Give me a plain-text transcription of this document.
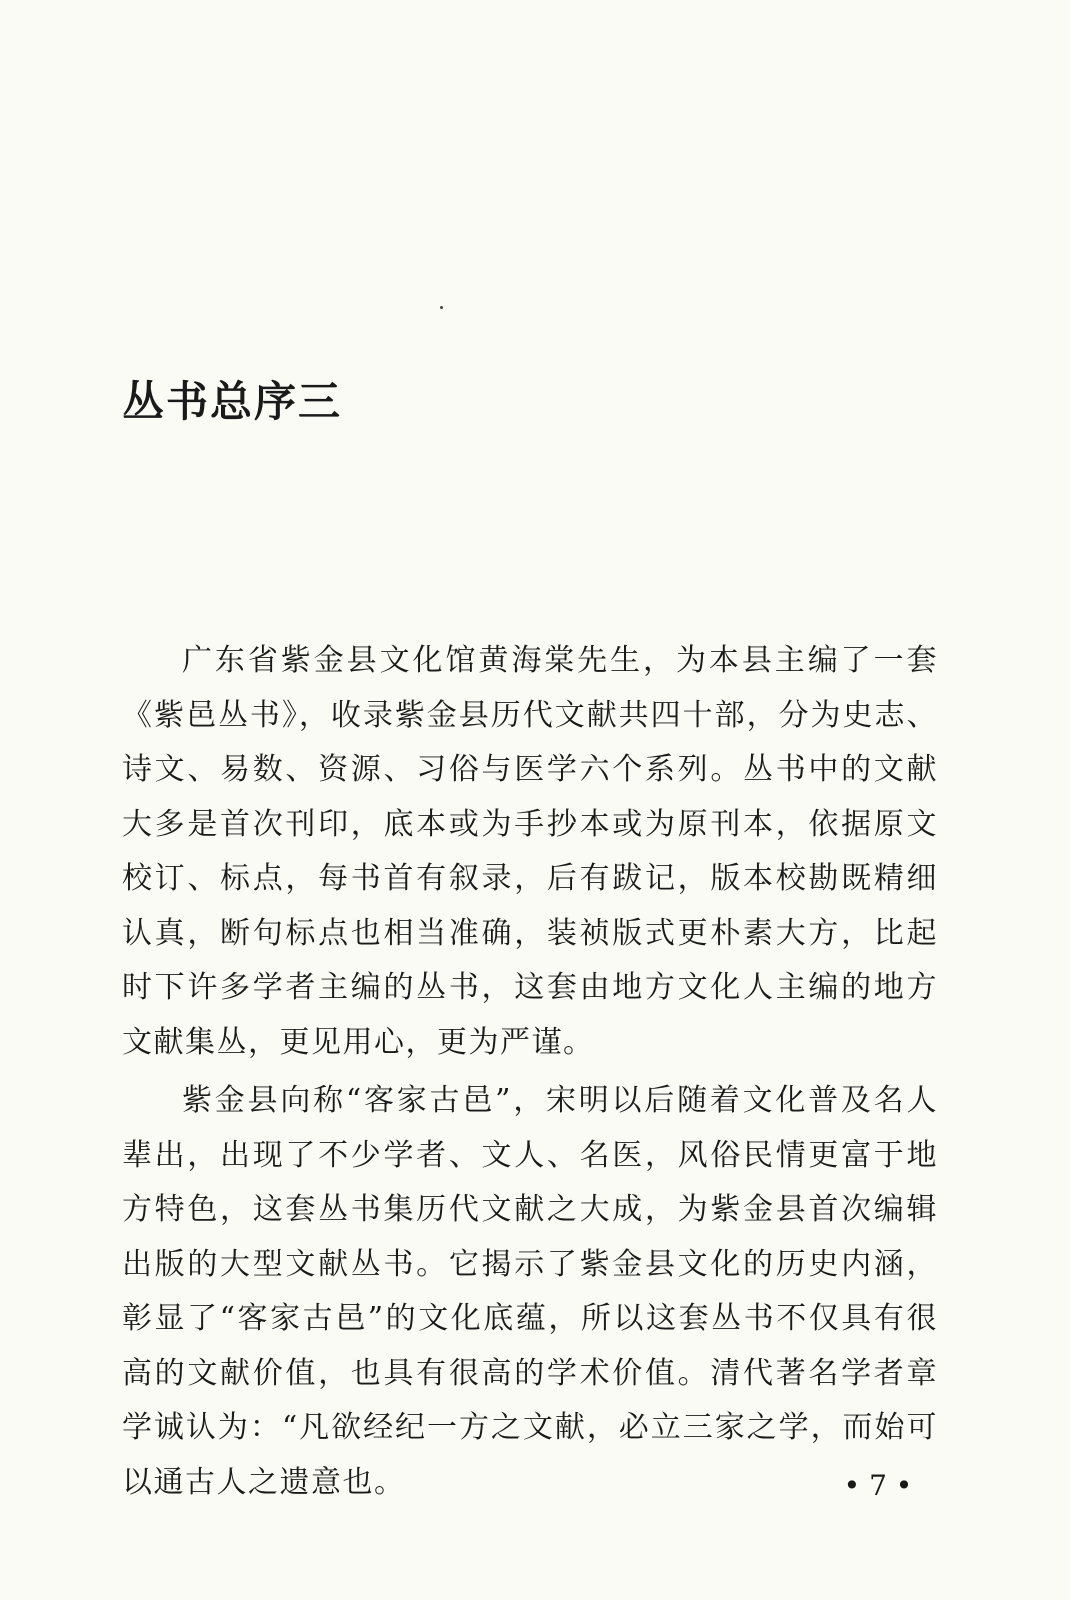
丛书总序三

广东省紫金县文化馆黄海棠先生，为本县主编了一套《紫邑丛书》，收录紫金县历代文献共四十部，分为史志、诗文、易数、资源、习俗与医学六个系列。丛书中的文献大多是首次刊印，底本或为手抄本或为原刊本，依据原文校订、标点，每书首有叙录，后有跋记，版本校勘既精细认真，断句标点也相当准确，装祯版式更朴素大方，比起时下许多学者主编的丛书，这套由地方文化人主编的地方文献集丛，更见用心，更为严谨。

紫金县向称“客家古邑”，宋明以后随着文化普及名人辈出，出现了不少学者、文人、名医，风俗民情更富于地方特色，这套丛书集历代文献之大成，为紫金县首次编辑出版的大型文献丛书。它揭示了紫金县文化的历史内涵，彰显了“客家古邑”的文化底蕴，所以这套丛书不仅具有很高的文献价值，也具有很高的学术价值。清代著名学者章学诚认为：“凡欲经纪一方之文献，必立三家之学，而始可以通古人之遗意也。	• 7 •
